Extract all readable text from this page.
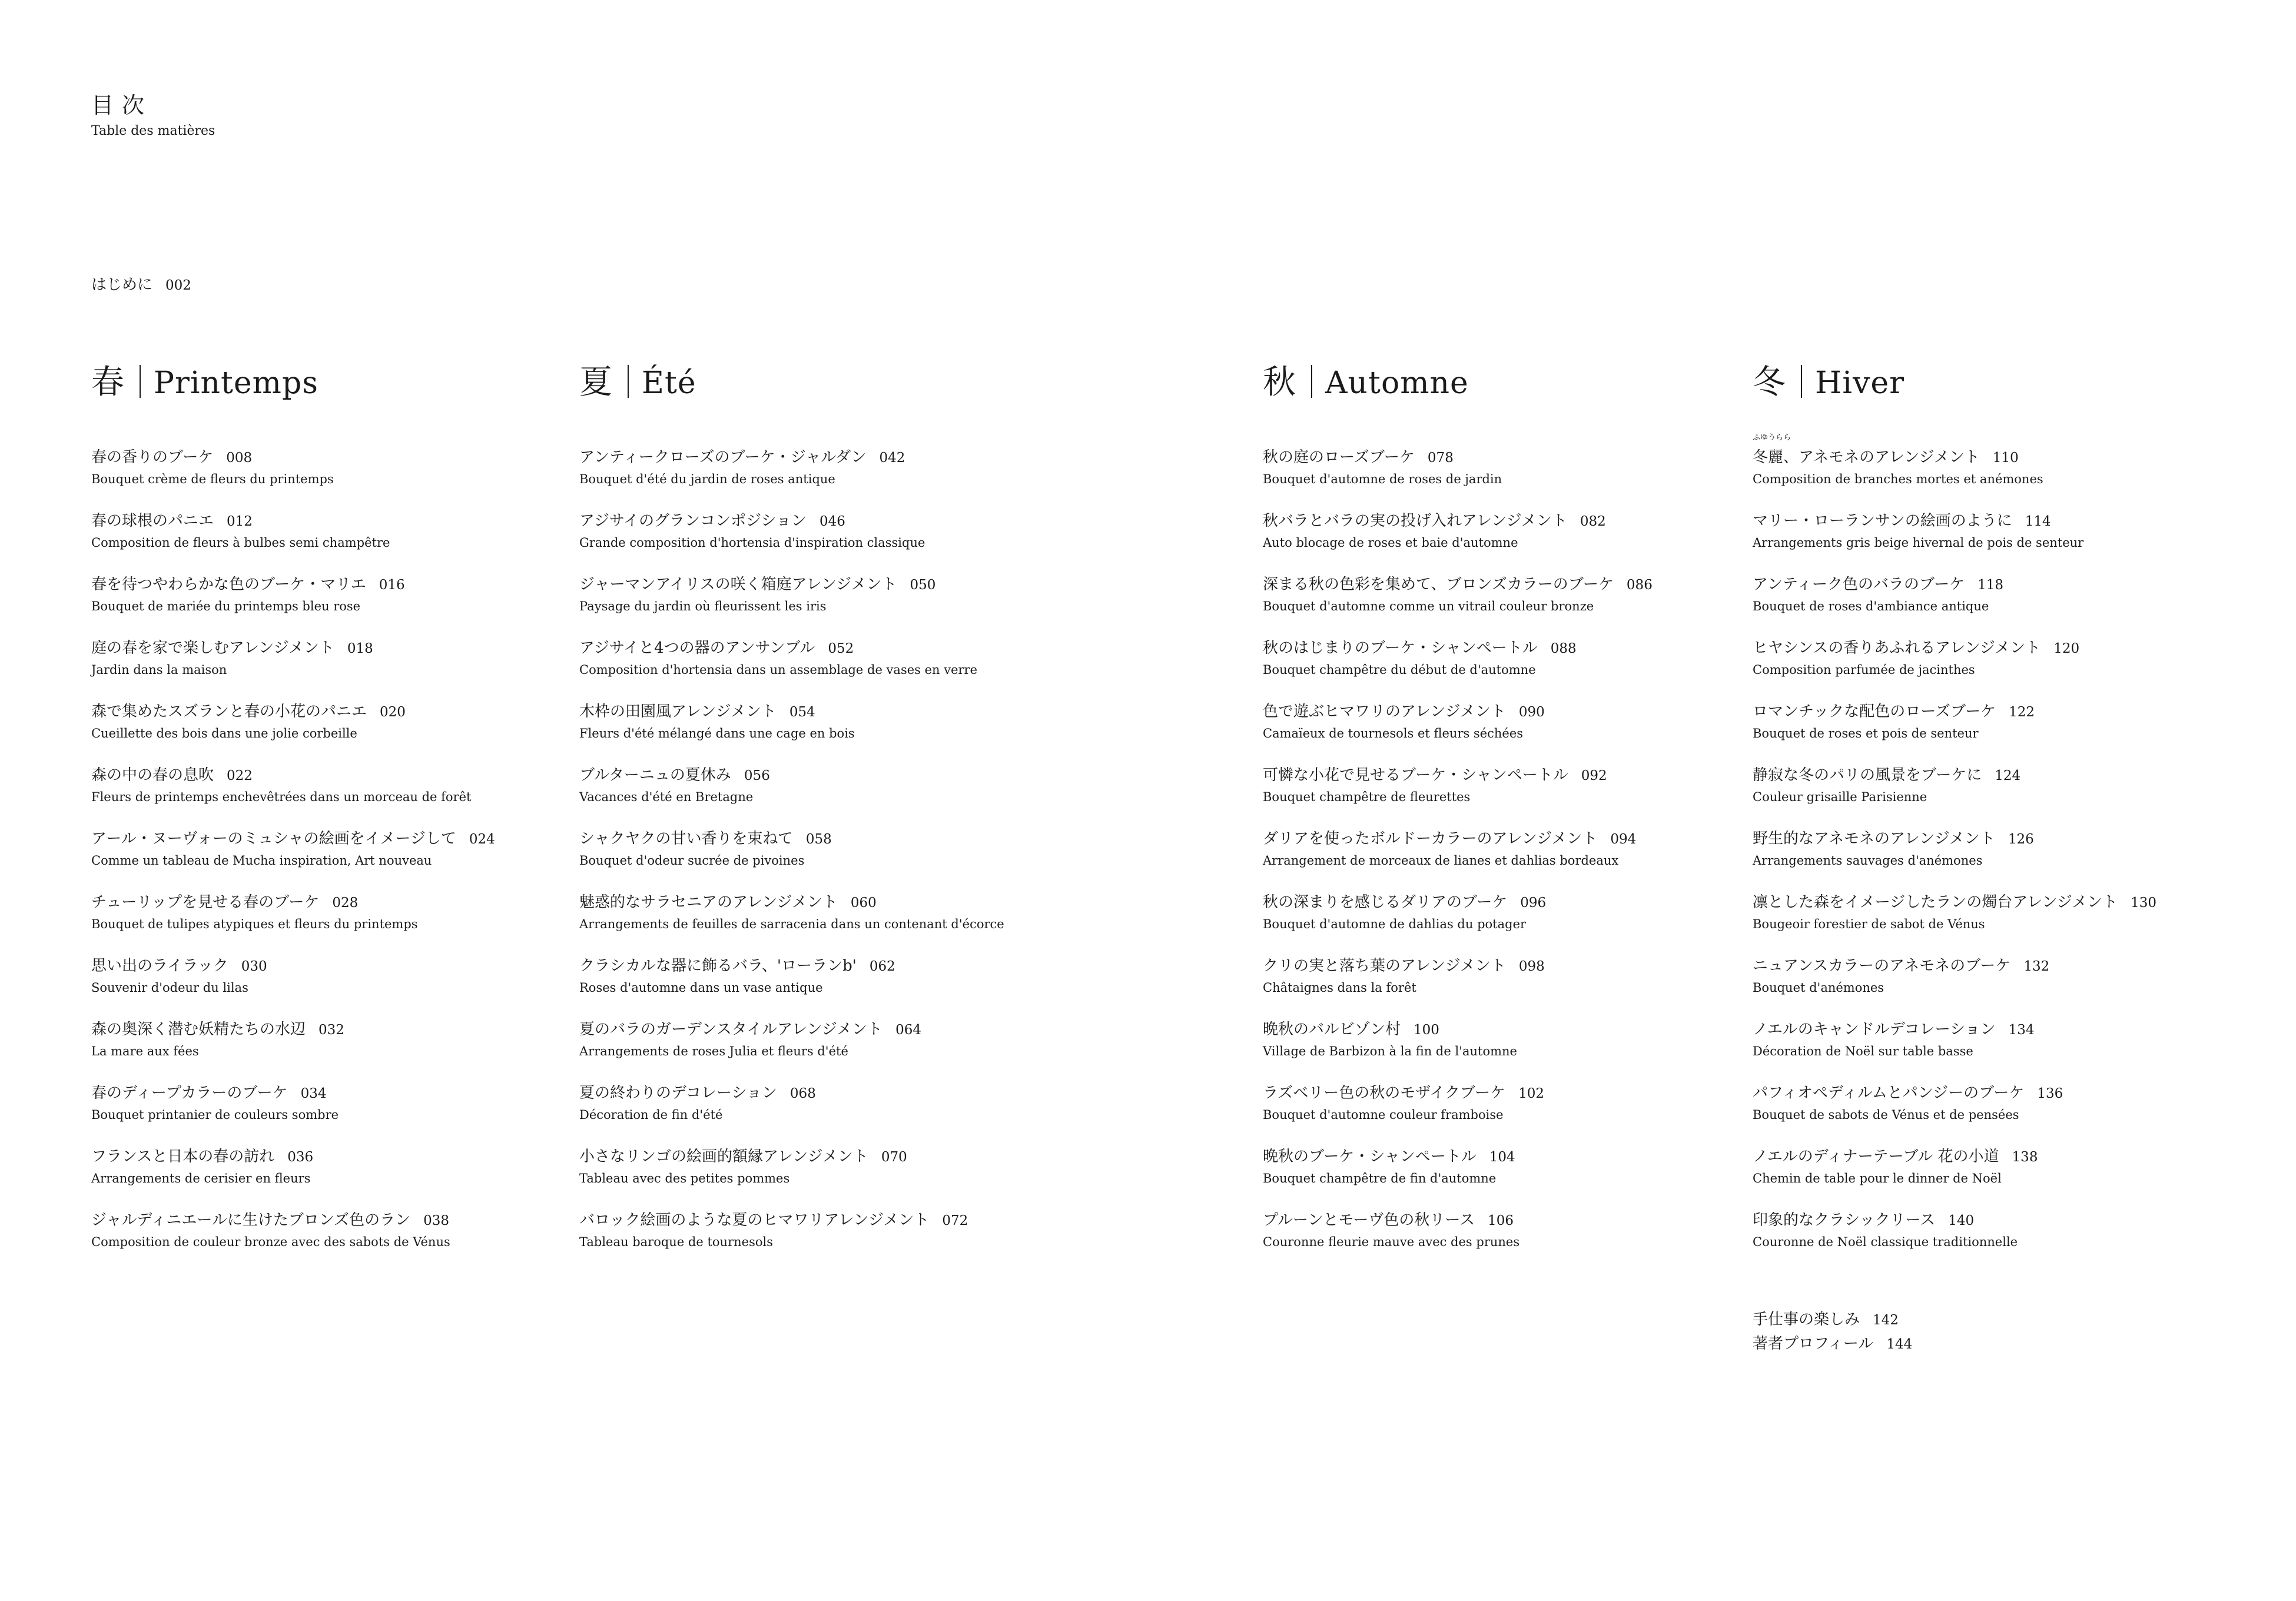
目次
Table des matières
はじめに 002
春 Printemps
春の香りのブーケ 008
Bouquet crème de fleurs du printemps
春の球根のパニエ 012
Composition de fleurs à bulbes semi champêtre
春を待つやわらかな色のブーケ・マリエ 016
Bouquet de mariée du printemps bleu rose
庭の春を家で楽しむアレンジメント 018
Jardin dans la maison
森で集めたスズランと春の小花のパニエ 020
Cueillette des bois dans une jolie corbeille
森の中の春の息吹 022
Fleurs de printemps enchevêtrées dans un morceau de forêt
アール・ヌーヴォーのミュシャの絵画をイメージして 024
Comme un tableau de Mucha inspiration, Art nouveau
チューリップを見せる春のブーケ 028
Bouquet de tulipes atypiques et fleurs du printemps
思い出のライラック 030
Souvenir d'odeur du lilas
森の奥深く潜む妖精たちの水辺 032
La mare aux fées
春のディープカラーのブーケ 034
Bouquet printanier de couleurs sombre
フランスと日本の春の訪れ 036
Arrangements de cerisier en fleurs
ジャルディニエールに生けたブロンズ色のラン 038
Composition de couleur bronze avec des sabots de Vénus
夏 Été
アンティークローズのブーケ・ジャルダン 042
Bouquet d'été du jardin de roses antique
アジサイのグランコンポジション 046
Grande composition d'hortensia d'inspiration classique
ジャーマンアイリスの咲く箱庭アレンジメント 050
Paysage du jardin où fleurissent les iris
アジサイと4つの器のアンサンブル 052
Composition d'hortensia dans un assemblage de vases en verre
木枠の田園風アレンジメント 054
Fleurs d'été mélangé dans une cage en bois
ブルターニュの夏休み 056
Vacances d'été en Bretagne
シャクヤクの甘い香りを束ねて 058
Bouquet d'odeur sucrée de pivoines
魅惑的なサラセニアのアレンジメント 060
Arrangements de feuilles de sarracenia dans un contenant d'écorce
クラシカルな器に飾るバラ、'ローランb' 062
Roses d'automne dans un vase antique
夏のバラのガーデンスタイルアレンジメント 064
Arrangements de roses Julia et fleurs d'été
夏の終わりのデコレーション 068
Décoration de fin d'été
小さなリンゴの絵画的額縁アレンジメント 070
Tableau avec des petites pommes
バロック絵画のような夏のヒマワリアレンジメント 072
Tableau baroque de tournesols
秋 Automne
秋の庭のローズブーケ 078
Bouquet d'automne de roses de jardin
秋バラとバラの実の投げ入れアレンジメント 082
Auto blocage de roses et baie d'automne
深まる秋の色彩を集めて、ブロンズカラーのブーケ 086
Bouquet d'automne comme un vitrail couleur bronze
秋のはじまりのブーケ・シャンペートル 088
Bouquet champêtre du début de d'automne
色で遊ぶヒマワリのアレンジメント 090
Camaïeux de tournesols et fleurs séchées
可憐な小花で見せるブーケ・シャンペートル 092
Bouquet champêtre de fleurettes
ダリアを使ったボルドーカラーのアレンジメント 094
Arrangement de morceaux de lianes et dahlias bordeaux
秋の深まりを感じるダリアのブーケ 096
Bouquet d'automne de dahlias du potager
クリの実と落ち葉のアレンジメント 098
Châtaignes dans la forêt
晩秋のバルビゾン村 100
Village de Barbizon à la fin de l'automne
ラズベリー色の秋のモザイクブーケ 102
Bouquet d'automne couleur framboise
晩秋のブーケ・シャンペートル 104
Bouquet champêtre de fin d'automne
プルーンとモーヴ色の秋リース 106
Couronne fleurie mauve avec des prunes
冬 Hiver
ふゆうらら
冬麗、アネモネのアレンジメント 110
Composition de branches mortes et anémones
マリー・ローランサンの絵画のように 114
Arrangements gris beige hivernal de pois de senteur
アンティーク色のバラのブーケ 118
Bouquet de roses d'ambiance antique
ヒヤシンスの香りあふれるアレンジメント 120
Composition parfumée de jacinthes
ロマンチックな配色のローズブーケ 122
Bouquet de roses et pois de senteur
静寂な冬のパリの風景をブーケに 124
Couleur grisaille Parisienne
野生的なアネモネのアレンジメント 126
Arrangements sauvages d'anémones
凛とした森をイメージしたランの燭台アレンジメント 130
Bougeoir forestier de sabot de Vénus
ニュアンスカラーのアネモネのブーケ 132
Bouquet d'anémones
ノエルのキャンドルデコレーション 134
Décoration de Noël sur table basse
パフィオペディルムとパンジーのブーケ 136
Bouquet de sabots de Vénus et de pensées
ノエルのディナーテーブル 花の小道 138
Chemin de table pour le dinner de Noël
印象的なクラシックリース 140
Couronne de Noël classique traditionnelle
手仕事の楽しみ 142
著者プロフィール 144
